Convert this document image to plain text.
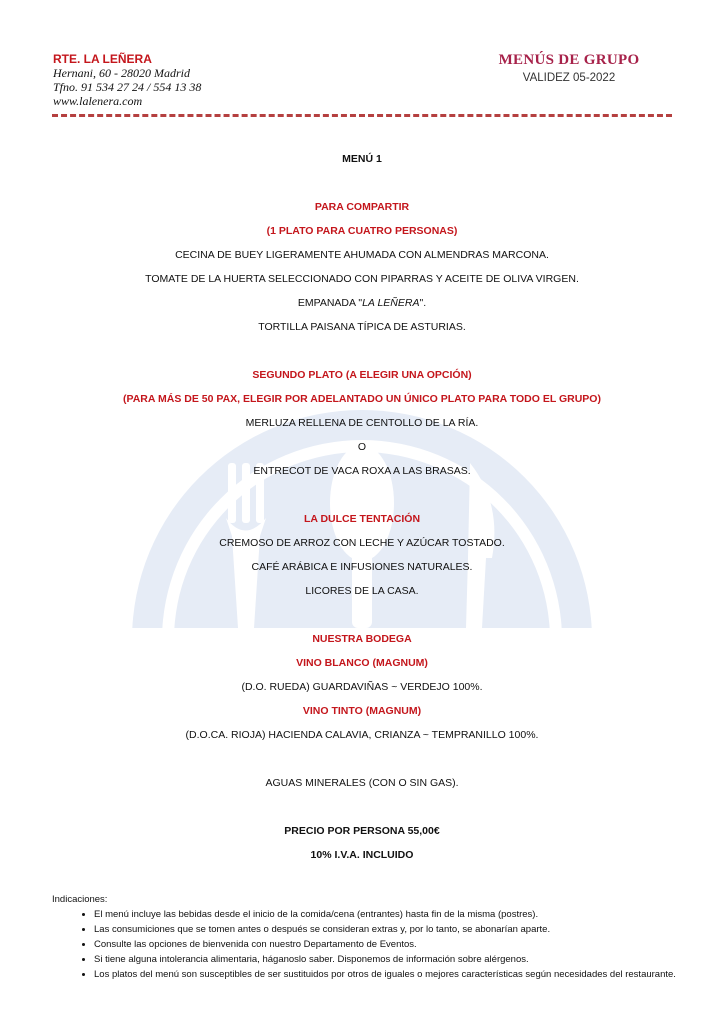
RTE. LA LEÑERA
Hernani, 60 - 28020 Madrid
Tfno. 91 534 27 24 / 554 13 38
www.lalenera.com
MENÚS DE GRUPO
VALIDEZ 05-2022
MENÚ 1
PARA COMPARTIR
(1 PLATO PARA CUATRO PERSONAS)
CECINA DE BUEY LIGERAMENTE AHUMADA CON ALMENDRAS MARCONA.
TOMATE DE LA HUERTA SELECCIONADO CON PIPARRAS Y ACEITE DE OLIVA VIRGEN.
EMPANADA "LA LEÑERA".
TORTILLA PAISANA TÍPICA DE ASTURIAS.
SEGUNDO PLATO (A ELEGIR UNA OPCIÓN)
(PARA MÁS DE 50 PAX, ELEGIR POR ADELANTADO UN ÚNICO PLATO PARA TODO EL GRUPO)
MERLUZA RELLENA DE CENTOLLO DE LA RÍA.
O
ENTRECOT DE VACA ROXA A LAS BRASAS.
LA DULCE TENTACIÓN
CREMOSO DE ARROZ CON LECHE Y AZÚCAR TOSTADO.
CAFÉ ARÁBICA E INFUSIONES NATURALES.
LICORES DE LA CASA.
NUESTRA BODEGA
VINO BLANCO (MAGNUM)
(D.O. RUEDA) GUARDAVIÑAS ~ VERDEJO 100%.
VINO TINTO (MAGNUM)
(D.O.CA. RIOJA) HACIENDA CALAVIA, CRIANZA ~ TEMPRANILLO 100%.
AGUAS MINERALES (CON O SIN GAS).
PRECIO POR PERSONA 55,00€
10% I.V.A. INCLUIDO
Indicaciones:
• El menú incluye las bebidas desde el inicio de la comida/cena (entrantes) hasta fin de la misma (postres).
• Las consumiciones que se tomen antes o después se consideran extras y, por lo tanto, se abonarían aparte.
• Consulte las opciones de bienvenida con nuestro Departamento de Eventos.
• Si tiene alguna intolerancia alimentaria, háganoslo saber. Disponemos de información sobre alérgenos.
• Los platos del menú son susceptibles de ser sustituidos por otros de iguales o mejores características según necesidades del restaurante.
